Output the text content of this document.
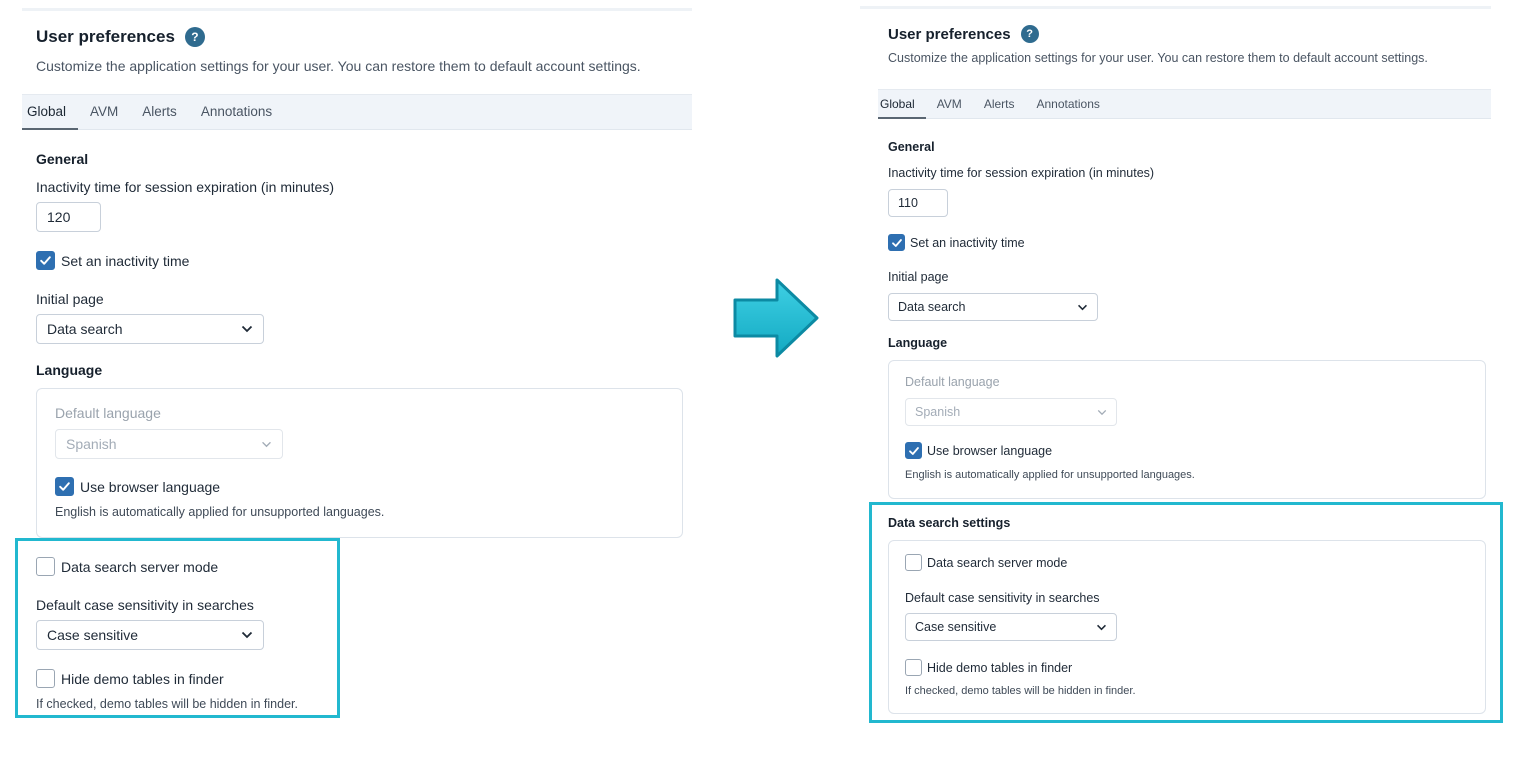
User preferences	?
Customize the application settings for your user. You can restore them to default account settings.
Global	AVM	Alerts	Annotations
General
Inactivity time for session expiration (in minutes)
120
Set an inactivity time
Initial page
Data search
Language
Default language
Spanish
Use browser language
English is automatically applied for unsupported languages.
Data search server mode
Default case sensitivity in searches
Case sensitive
Hide demo tables in finder
If checked, demo tables will be hidden in finder.
User preferences	?
Customize the application settings for your user. You can restore them to default account settings.
Global	AVM	Alerts	Annotations
General
Inactivity time for session expiration (in minutes)
110
Set an inactivity time
Initial page
Data search
Language
Default language
Spanish
Use browser language
English is automatically applied for unsupported languages.
Data search settings
Data search server mode
Default case sensitivity in searches
Case sensitive
Hide demo tables in finder
If checked, demo tables will be hidden in finder.
